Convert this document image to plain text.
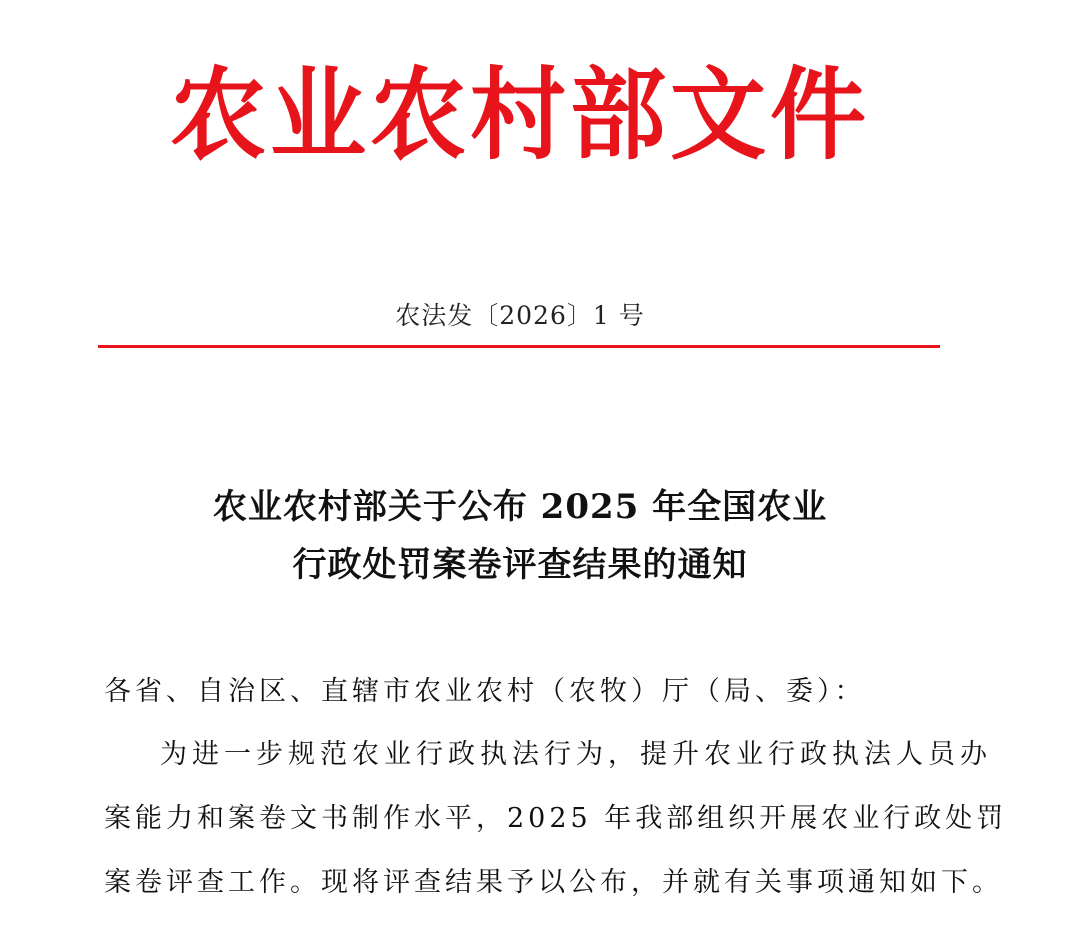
农业农村部文件
农法发〔2026〕1 号
农业农村部关于公布 2025 年全国农业
行政处罚案卷评查结果的通知
各省、自治区、直辖市农业农村（农牧）厅（局、委）：
为进一步规范农业行政执法行为，提升农业行政执法人员办
案能力和案卷文书制作水平，2025 年我部组织开展农业行政处罚
案卷评查工作。现将评查结果予以公布，并就有关事项通知如下。
